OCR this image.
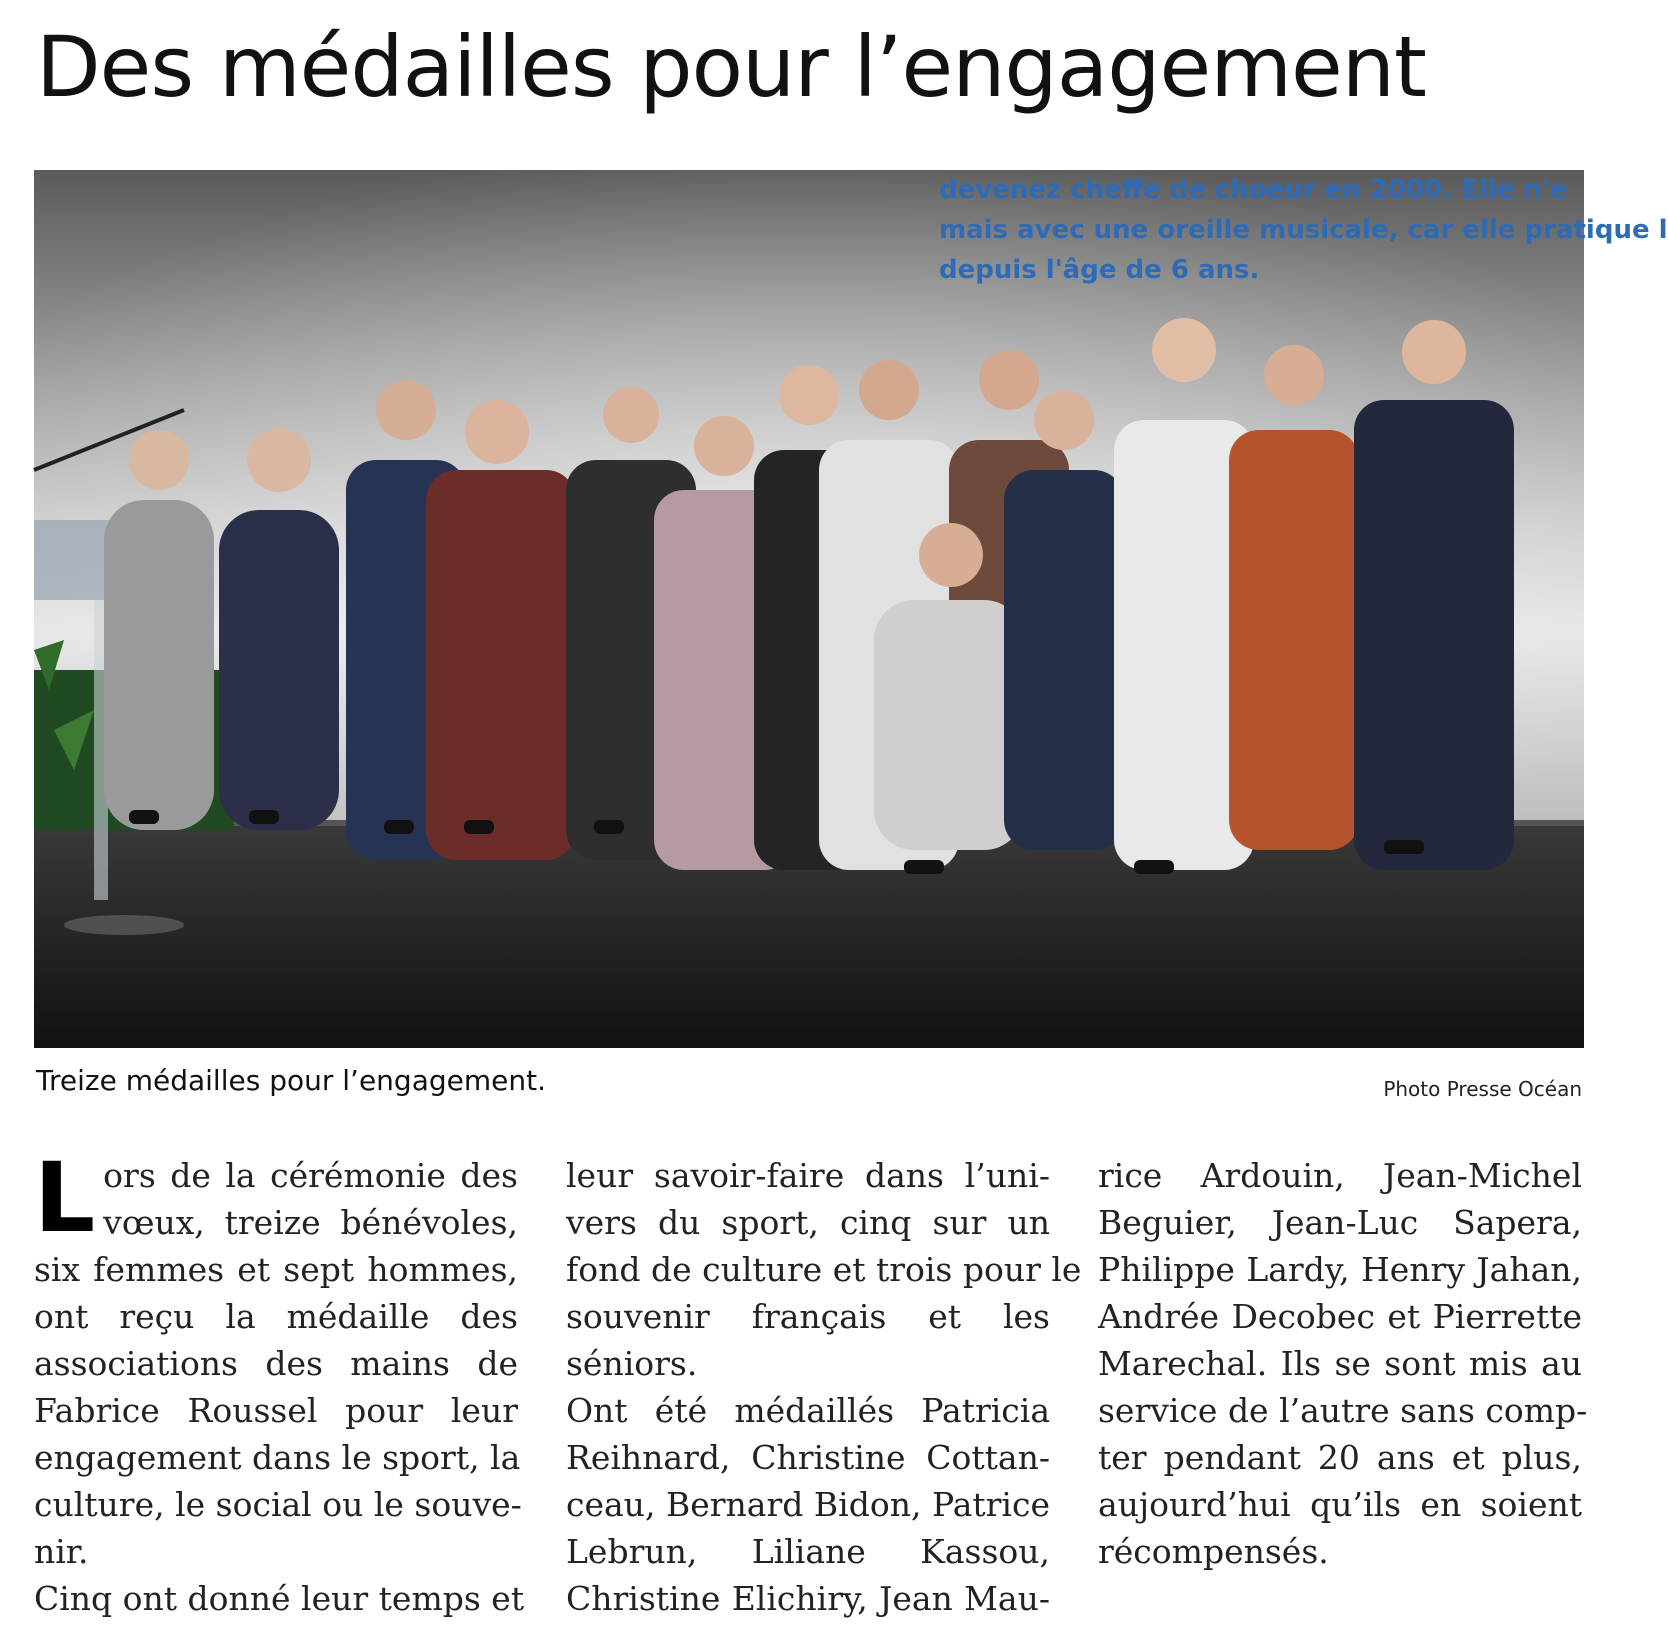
Des médailles pour l’engagement
devenez cheffe de choeur en 2000. Elle n'e
mais avec une oreille musicale, car elle pratique l
depuis l'âge de 6 ans.
Treize médailles pour l’engagement.	Photo Presse Océan
L ors de la cérémonie des
vœux, treize bénévoles,
six femmes et sept hommes,
ont reçu la médaille des
associations des mains de
Fabrice Roussel pour leur
engagement dans le sport, la
culture, le social ou le souve-
nir.

Cinq ont donné leur temps et

leur savoir-faire dans l’uni-
vers du sport, cinq sur un
fond de culture et trois pour le
souvenir français et les
séniors.

Ont été médaillés Patricia
Reihnard, Christine Cottan-
ceau, Bernard Bidon, Patrice
Lebrun, Liliane Kassou,
Christine Elichiry, Jean Mau-

rice Ardouin, Jean-Michel
Beguier, Jean-Luc Sapera,
Philippe Lardy, Henry Jahan,
Andrée Decobec et Pierrette
Marechal. Ils se sont mis au
service de l’autre sans comp-
ter pendant 20 ans et plus,
aujourd’hui qu’ils en soient
récompensés.
